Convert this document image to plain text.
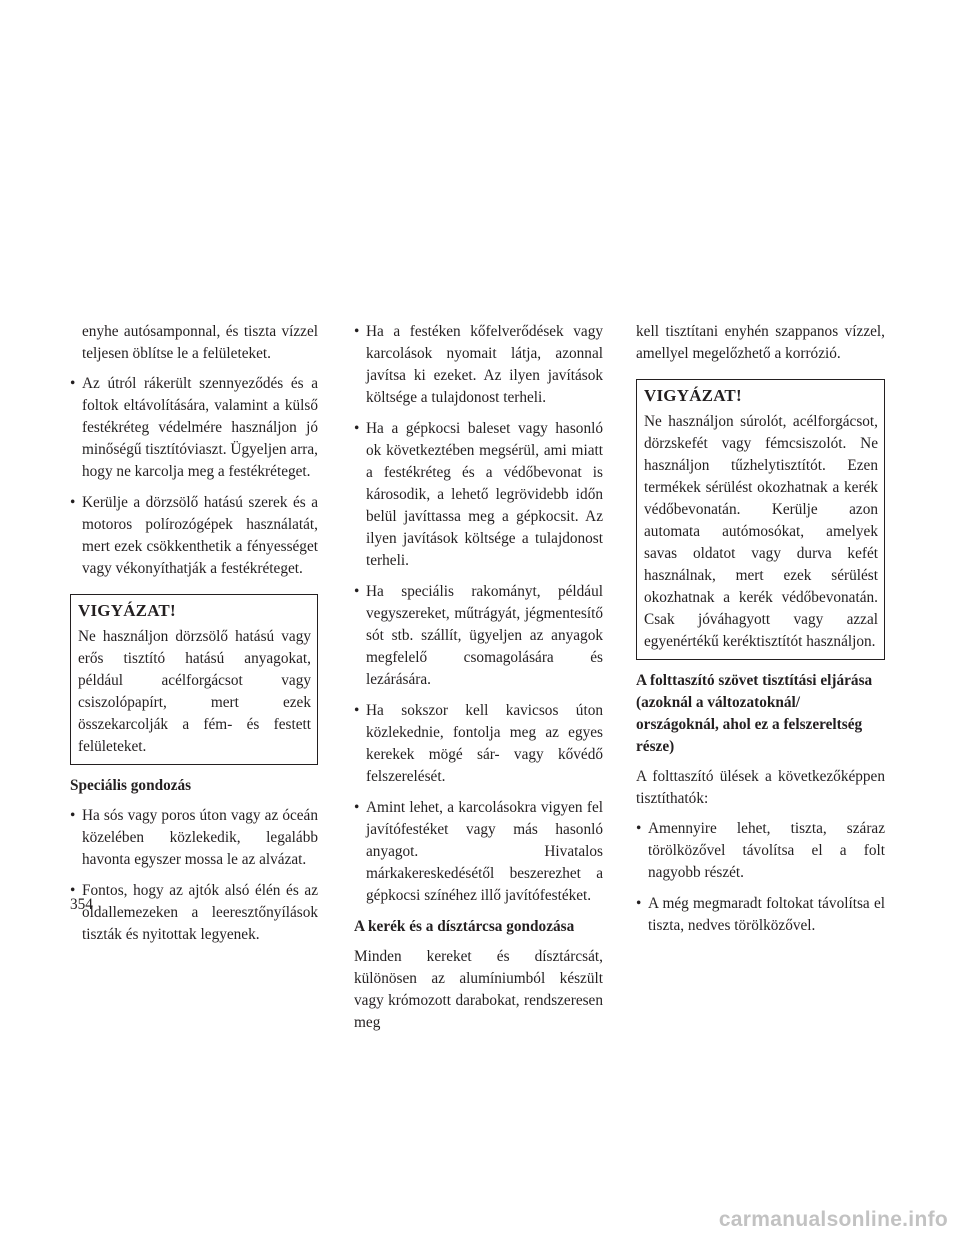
enyhe autósamponnal, és tiszta vízzel teljesen öblítse le a felületeket.
• Az útról rákerült szennyeződés és a foltok eltávolítására, valamint a külső festékréteg védelmére használjon jó minőségű tisztítóviaszt. Ügyeljen arra, hogy ne karcolja meg a festékréteget.
• Kerülje a dörzsölő hatású szerek és a motoros polírozógépek használatát, mert ezek csökkenthetik a fényességet vagy vékonyíthatják a festékréteget.
VIGYÁZAT!

Ne használjon dörzsölő hatású vagy erős tisztító hatású anyagokat, például acélforgácsot vagy csiszolópapírt, mert ezek összekarcolják a fém- és festett felületeket.

Speciális gondozás
• Ha sós vagy poros úton vagy az óceán közelében közlekedik, legalább havonta egyszer mossa le az alvázat.
• Fontos, hogy az ajtók alsó élén és az oldallemezeken a leeresztőnyílások tiszták és nyitottak legyenek.
• Ha a festéken kőfelverődések vagy karcolások nyomait látja, azonnal javítsa ki ezeket. Az ilyen javítások költsége a tulajdonost terheli.
• Ha a gépkocsi baleset vagy hasonló ok következtében megsérül, ami miatt a festékréteg és a védőbevonat is károsodik, a lehető legrövidebb időn belül javíttassa meg a gépkocsit. Az ilyen javítások költsége a tulajdonost terheli.
• Ha speciális rakományt, például vegyszereket, műtrágyát, jégmentesítő sót stb. szállít, ügyeljen az anyagok megfelelő csomagolására és lezárására.
• Ha sokszor kell kavicsos úton közlekednie, fontolja meg az egyes kerekek mögé sár- vagy kővédő felszerelését.
• Amint lehet, a karcolásokra vigyen fel javítófestéket vagy más hasonló anyagot. Hivatalos márkakereskedésétől beszerezhet a gépkocsi színéhez illő javítófestéket.
A kerék és a dísztárcsa gondozása

Minden kereket és dísztárcsát, különösen az alumíniumból készült vagy krómozott darabokat, rendszeresen meg

kell tisztítani enyhén szappanos vízzel, amellyel megelőzhető a korrózió.

VIGYÁZAT!

Ne használjon súrolót, acélforgácsot, dörzskefét vagy fémcsiszolót. Ne használjon tűzhelytisztítót. Ezen termékek sérülést okozhatnak a kerék védőbevonatán. Kerülje azon automata autómosókat, amelyek savas oldatot vagy durva kefét használnak, mert ezek sérülést okozhatnak a kerék védőbevonatán. Csak jóváhagyott vagy azzal egyenértékű keréktisztítót használjon.

A folttaszító szövet tisztítási eljárása (azoknál a változatoknál/ országoknál, ahol ez a felszereltség része)

A folttaszító ülések a következőképpen tisztíthatók:

• Amennyire lehet, tiszta, száraz törölközővel távolítsa el a folt nagyobb részét.
• A még megmaradt foltokat távolítsa el tiszta, nedves törölközővel.
354
carmanualsonline.info
